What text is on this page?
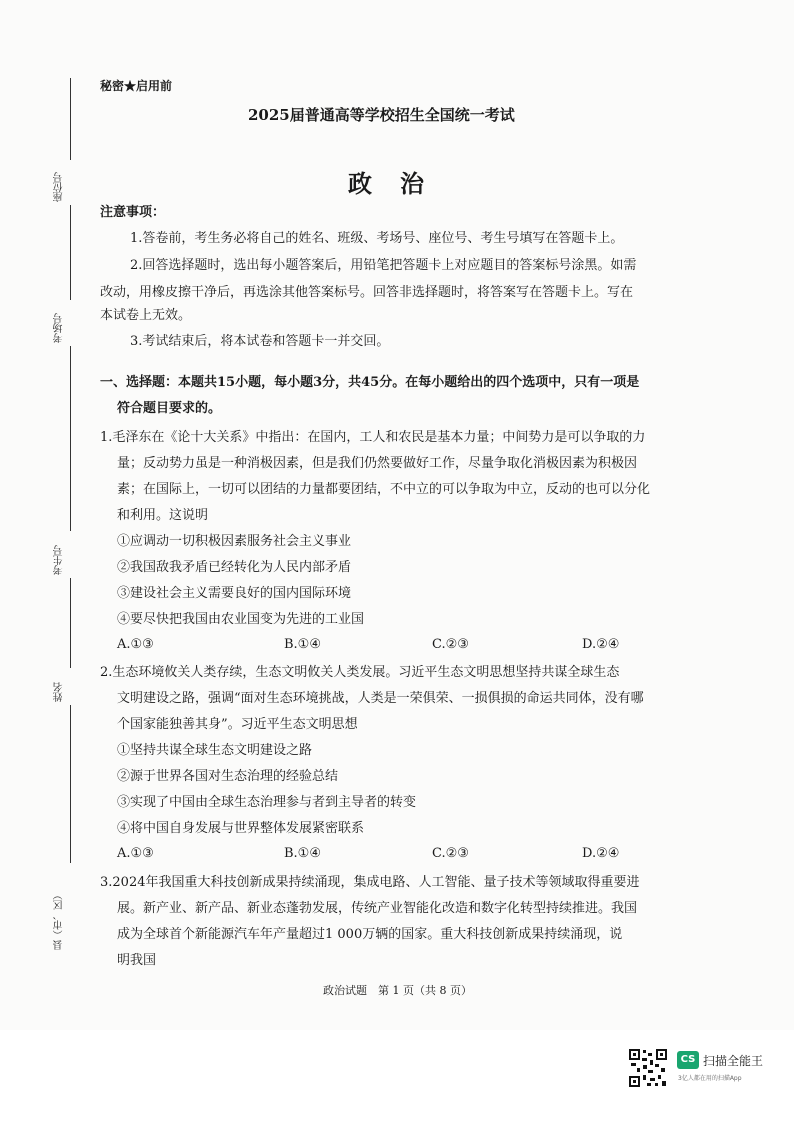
座位号
考场号
考生号
姓名
县（市、区）
秘密★启用前
2025届普通高等学校招生全国统一考试
政　治
注意事项：
1.答卷前，考生务必将自己的姓名、班级、考场号、座位号、考生号填写在答题卡上。
2.回答选择题时，选出每小题答案后，用铅笔把答题卡上对应题目的答案标号涂黑。如需
改动，用橡皮擦干净后，再选涂其他答案标号。回答非选择题时，将答案写在答题卡上。写在
本试卷上无效。
3.考试结束后，将本试卷和答题卡一并交回。
一、选择题：本题共15小题，每小题3分，共45分。在每小题给出的四个选项中，只有一项是
符合题目要求的。
1.毛泽东在《论十大关系》中指出：在国内，工人和农民是基本力量；中间势力是可以争取的力
量；反动势力虽是一种消极因素，但是我们仍然要做好工作，尽量争取化消极因素为积极因
素；在国际上，一切可以团结的力量都要团结，不中立的可以争取为中立，反动的也可以分化
和利用。这说明
①应调动一切积极因素服务社会主义事业
②我国敌我矛盾已经转化为人民内部矛盾
③建设社会主义需要良好的国内国际环境
④要尽快把我国由农业国变为先进的工业国
A.①③	B.①④	C.②③	D.②④
2.生态环境攸关人类存续，生态文明攸关人类发展。习近平生态文明思想坚持共谋全球生态
文明建设之路，强调“面对生态环境挑战，人类是一荣俱荣、一损俱损的命运共同体，没有哪
个国家能独善其身”。习近平生态文明思想
①坚持共谋全球生态文明建设之路
②源于世界各国对生态治理的经验总结
③实现了中国由全球生态治理参与者到主导者的转变
④将中国自身发展与世界整体发展紧密联系
A.①③	B.①④	C.②③	D.②④
3.2024年我国重大科技创新成果持续涌现，集成电路、人工智能、量子技术等领域取得重要进
展。新产业、新产品、新业态蓬勃发展，传统产业智能化改造和数字化转型持续推进。我国
成为全球首个新能源汽车年产量超过1 000万辆的国家。重大科技创新成果持续涌现，说
明我国
政治试题　第 1 页（共 8 页）
CS 扫描全能王
3亿人都在用的扫描App
